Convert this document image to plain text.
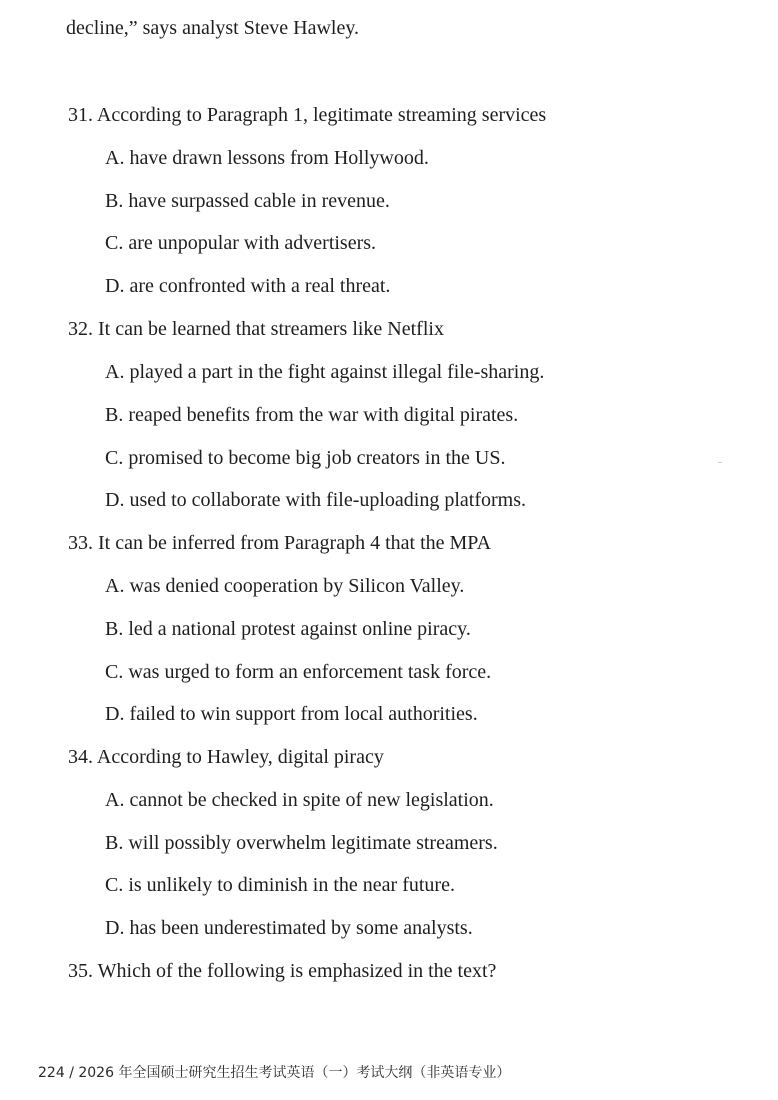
decline,” says analyst Steve Hawley.
31. According to Paragraph 1, legitimate streaming services
A. have drawn lessons from Hollywood.
B. have surpassed cable in revenue.
C. are unpopular with advertisers.
D. are confronted with a real threat.
32. It can be learned that streamers like Netflix
A. played a part in the fight against illegal file-sharing.
B. reaped benefits from the war with digital pirates.
C. promised to become big job creators in the US.
D. used to collaborate with file-uploading platforms.
33. It can be inferred from Paragraph 4 that the MPA
A. was denied cooperation by Silicon Valley.
B. led a national protest against online piracy.
C. was urged to form an enforcement task force.
D. failed to win support from local authorities.
34. According to Hawley, digital piracy
A. cannot be checked in spite of new legislation.
B. will possibly overwhelm legitimate streamers.
C. is unlikely to diminish in the near future.
D. has been underestimated by some analysts.
35. Which of the following is emphasized in the text?
224 / 2026 年全国硕士研究生招生考试英语（一）考试大纲（非英语专业）
